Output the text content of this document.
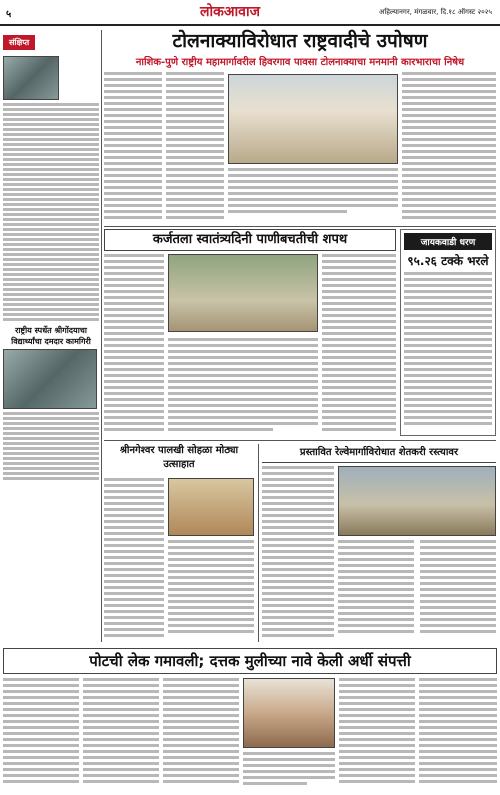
५	लोकआवाज	अहिल्यानगर, मंगळवार, दि.१८ ऑगस्ट २०२५
संक्षिप्त
राष्ट्रीय स्पर्धेत श्रीगोंदयाचा विद्यार्थ्यांचा दमदार कामगिरी
टोलनाक्याविरोधात राष्ट्रवादीचे उपोषण
नाशिक-पुणे राष्ट्रीय महामार्गावरील हिवरगाव पावसा टोलनाक्याचा मनमानी कारभाराचा निषेध
कर्जतला स्वातंत्र्यदिनी पाणीबचतीची शपथ	जायकवाडी धरण
९५.२६ टक्के भरले
श्रीनगेश्वर पालखी सोहळा मोठ्या उत्साहात
प्रस्तावित रेल्वेमार्गाविरोधात शेतकरी रस्त्यावर
पोटची लेक गमावली; दत्तक मुलीच्या नावे केली अर्धी संपत्ती
